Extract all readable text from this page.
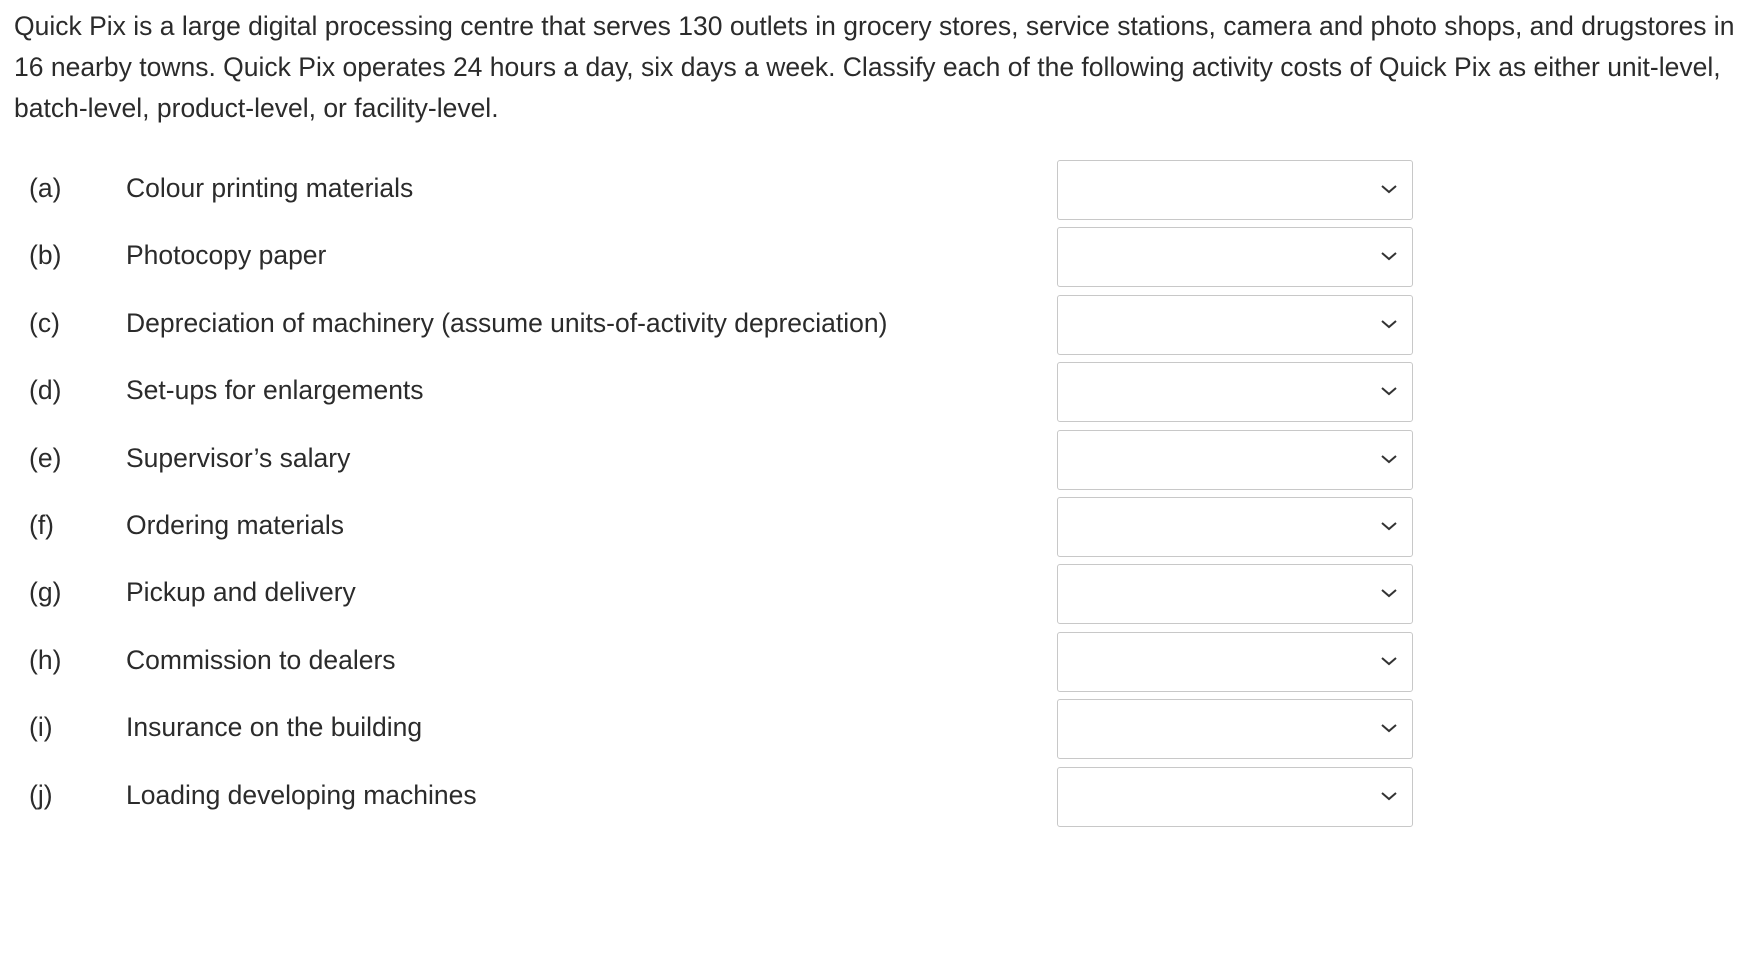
Quick Pix is a large digital processing centre that serves 130 outlets in grocery stores, service stations, camera and photo shops, and drugstores in 16 nearby towns. Quick Pix operates 24 hours a day, six days a week. Classify each of the following activity costs of Quick Pix as either unit-level, batch-level, product-level, or facility-level.

(a) Colour printing materials
(b) Photocopy paper
(c) Depreciation of machinery (assume units-of-activity depreciation)
(d) Set-ups for enlargements
(e) Supervisor’s salary
(f)	Ordering materials
(g) Pickup and delivery
(h) Commission to dealers
(i)	Insurance on the building
(j)	Loading developing machines
